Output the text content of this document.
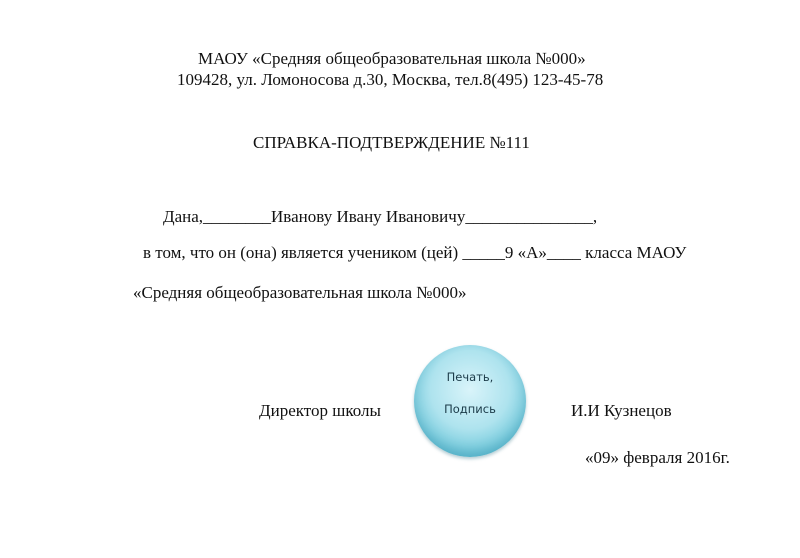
МАОУ «Средняя общеобразовательная школа №000»
109428, ул. Ломоносова д.30, Москва, тел.8(495) 123-45-78
СПРАВКА-ПОДТВЕРЖДЕНИЕ №111
Дана,________Иванову Ивану Ивановичу_______________,
в том, что он (она) является учеником (цей) _____9 «А»____ класса МАОУ
«Средняя общеобразовательная школа №000»
Директор школы
Печать,
Подпись	И.И Кузнецов
«09» февраля 2016г.
